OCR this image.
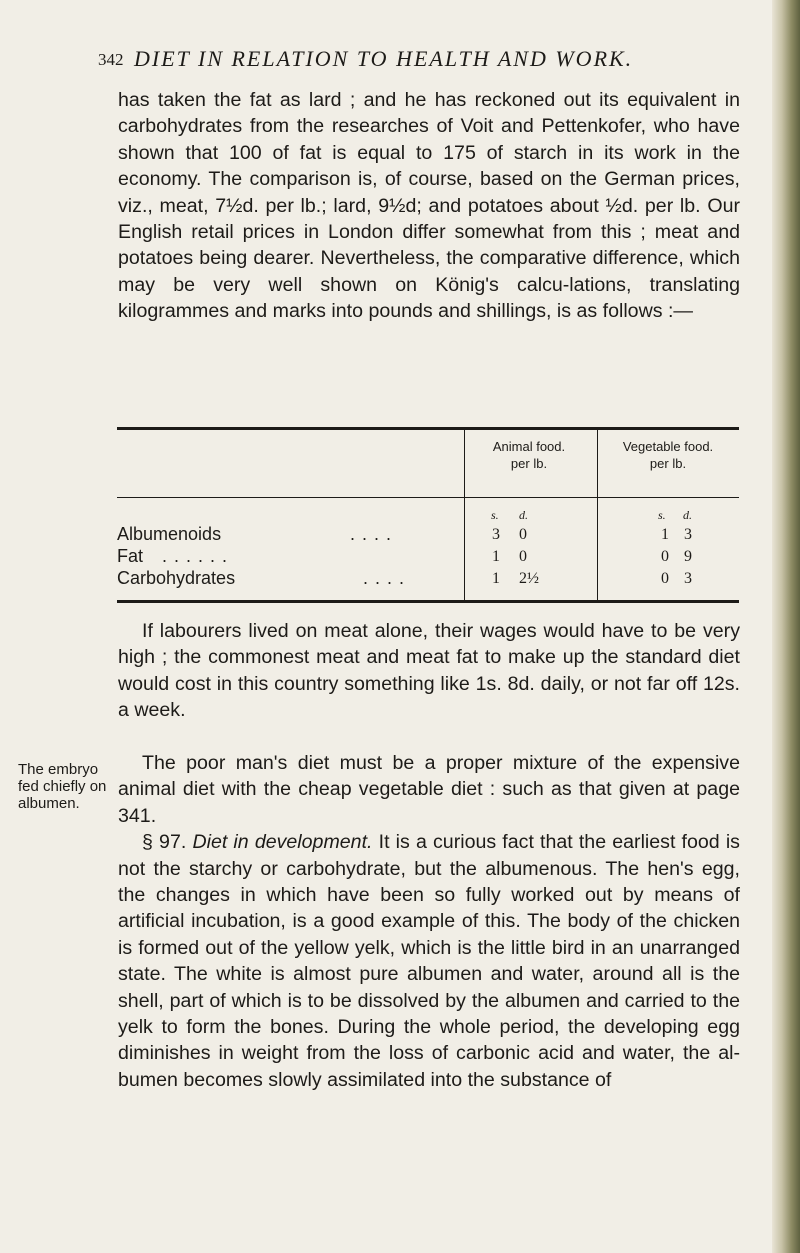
342 DIET IN RELATION TO HEALTH AND WORK.

has taken the fat as lard ; and he has reckoned out its equivalent in carbohydrates from the researches of Voit and Pettenkofer, who have shown that 100 of fat is equal to 175 of starch in its work in the economy. The comparison is, of course, based on the German prices, viz., meat, 7½d. per lb.; lard, 9½d; and potatoes about ½d. per lb. Our English retail prices in London differ somewhat from this ; meat and potatoes being dearer. Nevertheless, the comparative difference, which may be very well shown on König's calcu-lations, translating kilogrammes and marks into pounds and shillings, is as follows :—

Animal food.
per lb.
Vegetable food.
per lb.
s. d.	s. d.
Albumenoids	. . . .	3 0	1 3
Fat . . . . . .	1 0	0 9
Carbohydrates	. . . .	1 2½	0 3

If labourers lived on meat alone, their wages would have to be very high ; the commonest meat and meat fat to make up the standard diet would cost in this country something like 1s. 8d. daily, or not far off 12s. a week.

The poor man's diet must be a proper mixture of the expensive animal diet with the cheap vegetable diet : such as that given at page 341.

§ 97. Diet in development. It is a curious fact that the earliest food is not the starchy or carbohydrate, but the albumenous. The hen's egg, the changes in which have been so fully worked out by means of artificial incubation, is a good example of this. The body of the chicken is formed out of the yellow yelk, which is the little bird in an unarranged state. The white is almost pure albumen and water, around all is the shell, part of which is to be dissolved by the albumen and carried to the yelk to form the bones. During the whole period, the developing egg diminishes in weight from the loss of carbonic acid and water, the al-bumen becomes slowly assimilated into the substance of

The embryo
fed chiefly on
albumen.
